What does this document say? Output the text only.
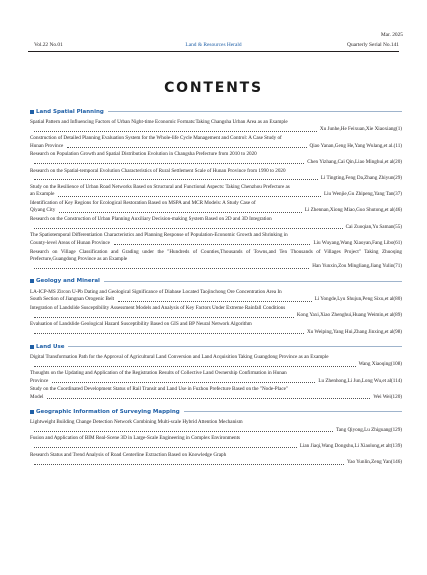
Mar. 2025
Vol.22 No.01	Land & Resources Herald	Quarterly Serial No.141
CONTENTS
Land Spatial Planning
Spatial Pattern and Influencing Factors of Urban Night-time Economic Formats:Taking Changsha Urban Area as an Example
Xu Junhe,He Feixuan,Xie Xiaoxiang(1)
Construction of Detailed Planning Evaluation System for the Whole-life Cycle Management and Control: A Case Study of
Hunan Province	Qiao Yanan,Geng He,Yang Wulang,et al.(11)
Research on Population Growth and Spatial Distribution Evolution in Changsha Prefecture from 2010 to 2020
Chen Yizhang,Cai Qin,Liao Minghui,et al(20)
Research on the Spatial-temporal Evolution Characteristics of Rural Settlement Scale of Hunan Province from 1990 to 2020
Li Tingting,Feng Da,Zhang Zhiyun(29)
Study on the Resilience of Urban Road Networks Based on Structural and Functional Aspects: Taking Chenzhou Prefecture as
an Example	Liu Wenjie,Gu Zhipeng,Yang Tan(37)
Identification of Key Regions for Ecological Restoration Based on MSPA and MCR Models: A Study Case of
Qiyang City	Li Zhennan,Xiong Miao,Guo Shutong,et al(46)
Research on the Construction of Urban Planning Auxiliary Decision-making System Based on 2D and 3D Integration
Cai Zuoqian,Yu Saman(55)
The Spatiotemporal Differentiation Characteristics and Planning Response of Population-Economic Growth and Shrinking in
County-level Areas of Hunan Province	Liu Wuyang,Wang Xiaoyan,Fang Libo(61)
Research on Village Classification and Grading under the "Hundreds of Counties,Thousands of Towns,and Ten Thousands of Villages Project" Taking Zhuoqing Prefecture,Guangdong Province as an Example
Han Yunxin,Zou Mingliang,Jiang Yulin(71)
Geology and Mineral
LA-ICP-MS Zircon U-Pb Dating and Geological Significance of Diabase Located Taojinchong Ore Concentration Area In
South Section of Jiangnan Orogenic Belt	Li Yongde,Lyu Shujun,Peng Sixu,et al(80)
Integration of Landslide Susceptibility Assessment Models and Analysis of Key Factors Under Extreme Rainfall Conditions
Kong Yaxi,Xiao Zhenghui,Huang Weimin,et al(89)
Evaluation of Landslide Geological Hazard Susceptibility Based on GIS and BP Neural Network Algorithm
Xu Weiping,Yang Hui,Zhang Jinxing,et al(98)
Land Use
Digital Transformation Path for the Approval of Agricultural Land Conversion and Land Acquisition Taking Guangdong Province as an Example
Wang Xiaoqing(108)
Thoughts on the Updating and Application of the Registration Results of Collective Land Ownership Confirmation in Hunan
Province	Lu Zhenhong,Li Jun,Long Wu,et al(114)
Study on the Coordinated Development Status of Rail Transit and Land Use in Fuzhou Prefecture Based on the "Node-Place"
Model	Wei Wei(120)
Geographic Information of Surveying Mapping
Lightweight Building Change Detection Network Combining Multi-scale Hybrid Attention Mechanism
Tang Qiyong,Lu Zhiguang(129)
Fusion and Application of BIM Real-Scene 3D in Large-Scale Engineering in Complex Environments
Lian Jiaqi,Wang Dongshu,Li Xiaolong,et alt(139)
Research Status and Trend Analysis of Road Centerline Extraction Based on Knowledge Graph
Yao Yunlin,Zeng Yan(146)
